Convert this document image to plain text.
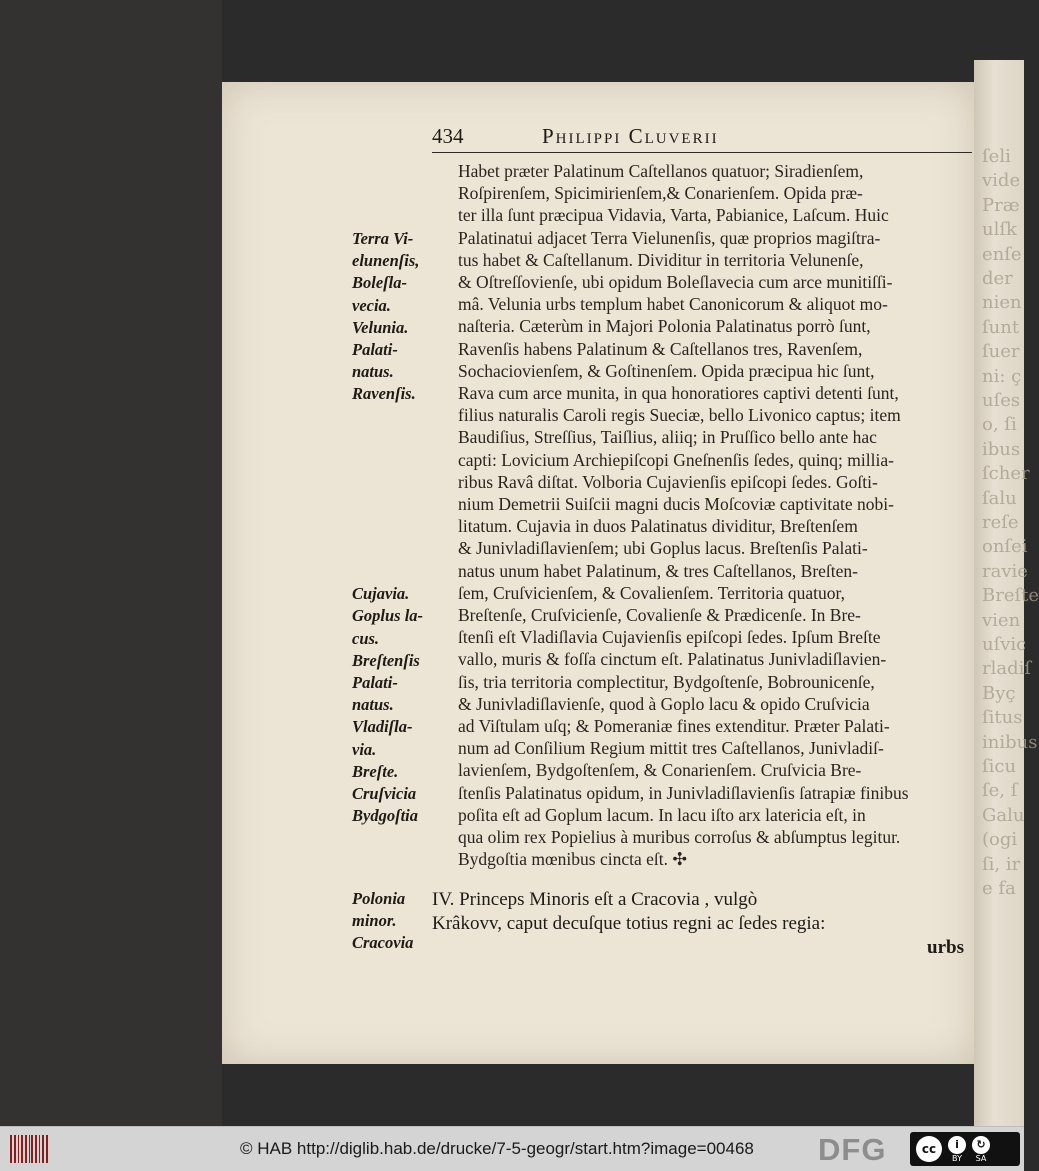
434	Philippi Cluverii
Habet præter Palatinum Caſtellanos quatuor; Siradienſem,
Roſpirenſem, Spicimirienſem,& Conarienſem. Opida præ-
ter illa ſunt præcipua Vidavia, Varta, Pabianice, Laſcum. Huic
Palatinatui adjacet Terra Vielunenſis, quæ proprios magiſtra-
tus habet & Caſtellanum. Dividitur in territoria Velunenſe,
& Oſtreſſovienſe, ubi opidum Boleſlavecia cum arce munitiſſi-
mâ. Velunia urbs templum habet Canonicorum & aliquot mo-
naſteria. Cæterùm in Majori Polonia Palatinatus porrò ſunt,
Ravenſis habens Palatinum & Caſtellanos tres, Ravenſem,
Sochaciovienſem, & Goſtinenſem. Opida præcipua hic ſunt,
Rava cum arce munita, in qua honoratiores captivi detenti ſunt,
filius naturalis Caroli regis Sueciæ, bello Livonico captus; item
Baudiſius, Streſſius, Taiſlius, aliiq; in Pruſſico bello ante hac
capti: Lovicium Archiepiſcopi Gneſnenſis ſedes, quinq; millia-
ribus Ravâ diſtat. Volboria Cujavienſis epiſcopi ſedes. Goſti-
nium Demetrii Suiſcii magni ducis Moſcoviæ captivitate nobi-
litatum. Cujavia in duos Palatinatus dividitur, Breſtenſem
& Junivladiſlavienſem; ubi Goplus lacus. Breſtenſis Palati-
natus unum habet Palatinum, & tres Caſtellanos, Breſten-
ſem, Cruſvicienſem, & Covalienſem. Territoria quatuor,
Breſtenſe, Cruſvicienſe, Covalienſe & Prædicenſe. In Bre-
ſtenſi eſt Vladiſlavia Cujavienſis epiſcopi ſedes. Ipſum Breſte
vallo, muris & foſſa cinctum eſt. Palatinatus Junivladiſlavien-
ſis, tria territoria complectitur, Bydgoſtenſe, Bobrounicenſe,
& Junivladiſlavienſe, quod à Goplo lacu & opido Cruſvicia
ad Viſtulam uſq; & Pomeraniæ fines extenditur. Præter Palati-
num ad Conſilium Regium mittit tres Caſtellanos, Junivladiſ-
lavienſem, Bydgoſtenſem, & Conarienſem. Cruſvicia Bre-
ſtenſis Palatinatus opidum, in Junivladiſlavienſis ſatrapiæ finibus
poſita eſt ad Goplum lacum. In lacu iſto arx latericia eſt, in
qua olim rex Popielius à muribus corroſus & abſumptus legitur.
Bydgoſtia mœnibus cincta eſt. ✣
Terra Vi-
elunenſis,
Boleſla-
vecia.
Velunia.
Palati-
natus.
Ravenſis.

Cujavia.
Goplus la-
cus.
Breſtenſis
Palati-
natus.
Vladiſla-
via.
Breſte.
Cruſvicia
Bydgoſtia
Polonia
minor.
Cracovia
IV. Princeps Minoris eſt a Cracovia , vulgò
Krâkovv, caput decuſque totius regni ac ſedes regia:
urbs
ſeli
vide
Præ
ulſk
enſe
der
nien
ſunt
ſuer
ni: ç
uſes
o, ſi
ibus
ſcher
ſalu
reſe
onſei
ravie
Breſte
vien
uſvic
rladiſ
Byç
ſitus
inibus
ſicu
ſe, ſ
Galu
(ogi
ſi, ir
e fa
© HAB http://diglib.hab.de/drucke/7-5-geogr/start.htm?image=00468 DFG	cc	i
BY
↻
SA
